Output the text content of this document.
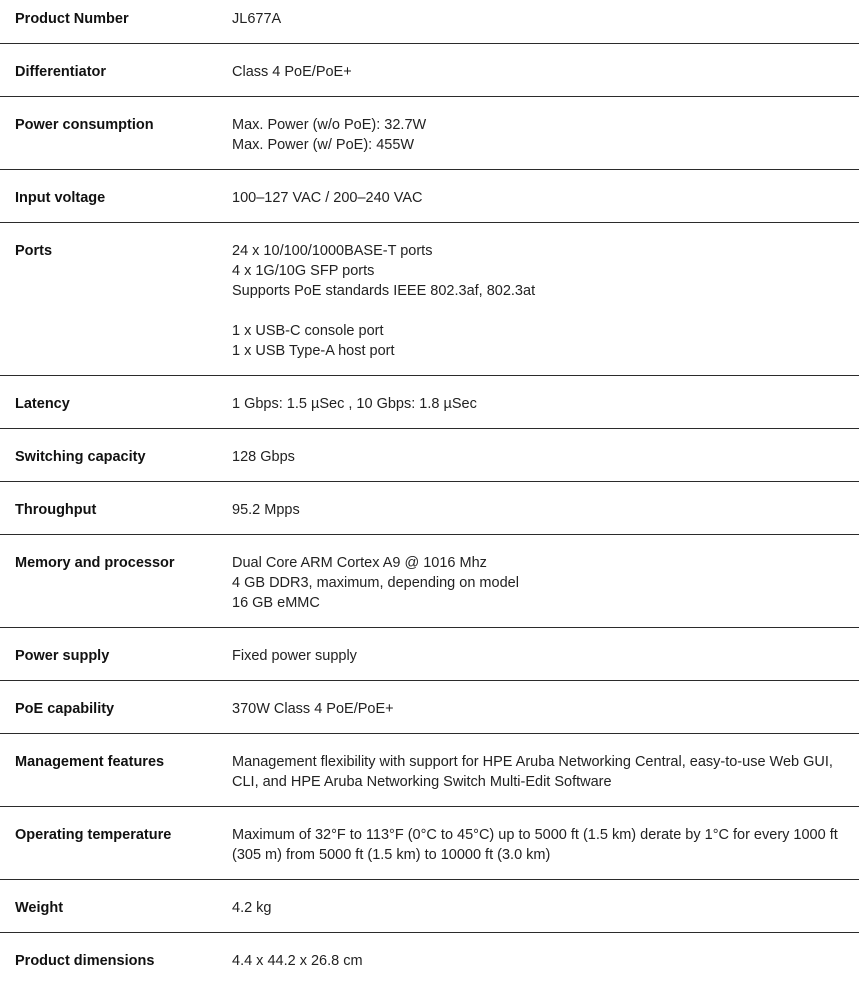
Product Number	JL677A
Differentiator	Class 4 PoE/PoE+
Power consumption	Max. Power (w/o PoE): 32.7W
Max. Power (w/ PoE): 455W
Input voltage	100–127 VAC / 200–240 VAC
Ports	24 x 10/100/1000BASE-T ports
4 x 1G/10G SFP ports
Supports PoE standards IEEE 802.3af, 802.3at
1 x USB-C console port
1 x USB Type-A host port
Latency	1 Gbps: 1.5 µSec , 10 Gbps: 1.8 µSec
Switching capacity	128 Gbps
Throughput	95.2 Mpps
Memory and processor	Dual Core ARM Cortex A9 @ 1016 Mhz
4 GB DDR3, maximum, depending on model
16 GB eMMC
Power supply	Fixed power supply
PoE capability	370W Class 4 PoE/PoE+
Management features	Management flexibility with support for HPE Aruba Networking Central, easy-to-use Web GUI, CLI, and HPE Aruba Networking Switch Multi-Edit Software
Operating temperature	Maximum of 32°F to 113°F (0°C to 45°C) up to 5000 ft (1.5 km) derate by 1°C for every 1000 ft (305 m) from 5000 ft (1.5 km) to 10000 ft (3.0 km)
Weight	4.2 kg
Product dimensions	4.4 x 44.2 x 26.8 cm
